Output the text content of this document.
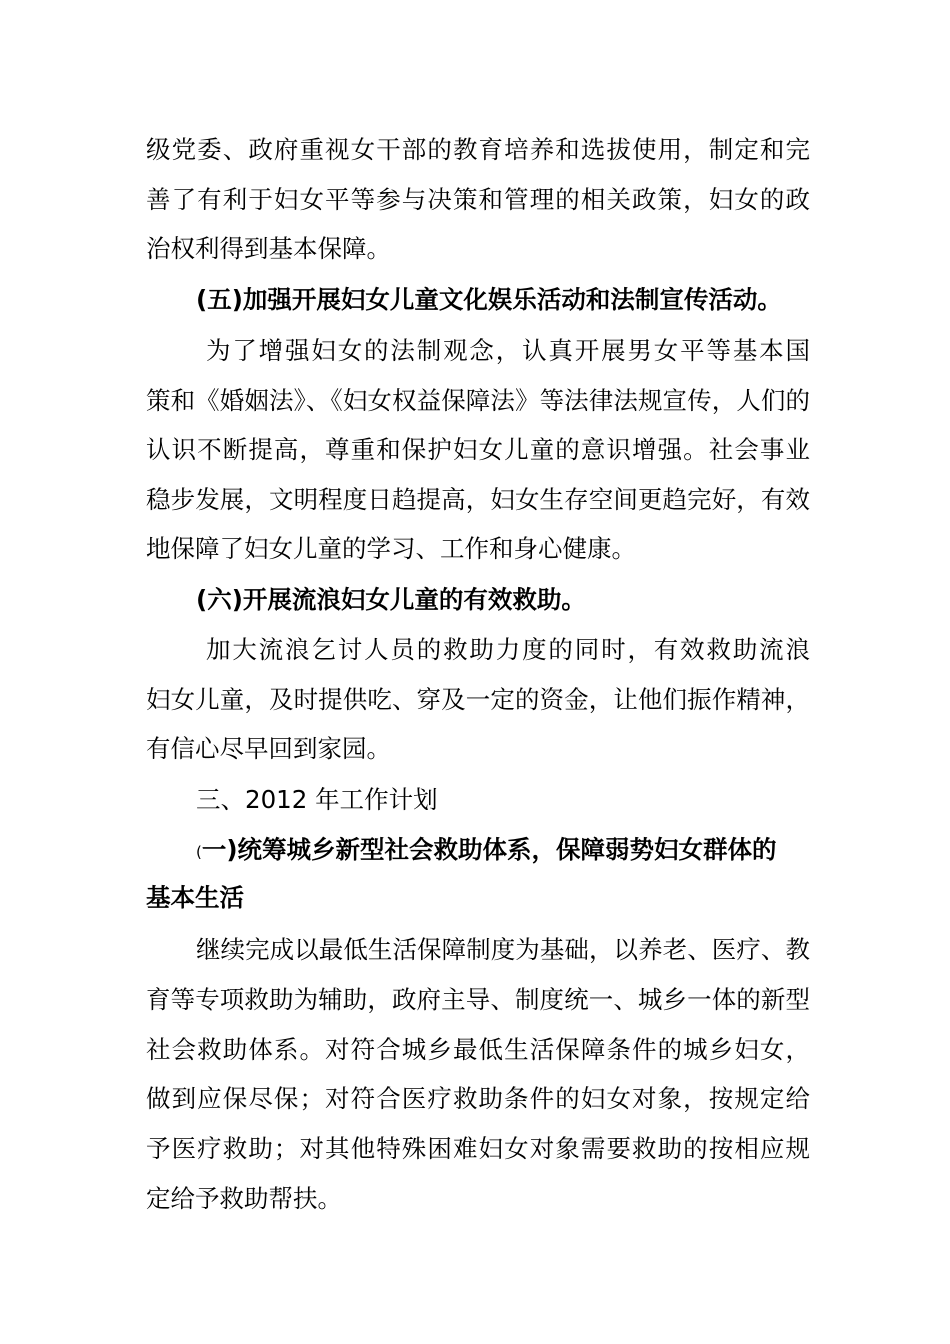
级党委、政府重视女干部的教育培养和选拔使用，制定和完
善了有利于妇女平等参与决策和管理的相关政策，妇女的政
治权利得到基本保障。
(五)加强开展妇女儿童文化娱乐活动和法制宣传活动。
为了增强妇女的法制观念，认真开展男女平等基本国
策和《婚姻法》、《妇女权益保障法》等法律法规宣传，人们的
认识不断提高，尊重和保护妇女儿童的意识增强。社会事业
稳步发展，文明程度日趋提高，妇女生存空间更趋完好，有效
地保障了妇女儿童的学习、工作和身心健康。
(六)开展流浪妇女儿童的有效救助。
加大流浪乞讨人员的救助力度的同时，有效救助流浪
妇女儿童，及时提供吃、穿及一定的资金，让他们振作精神，
有信心尽早回到家园。
三、2012 年工作计划
(一)统筹城乡新型社会救助体系，保障弱势妇女群体的
基本生活
继续完成以最低生活保障制度为基础，以养老、医疗、教
育等专项救助为辅助，政府主导、制度统一、城乡一体的新型
社会救助体系。对符合城乡最低生活保障条件的城乡妇女，
做到应保尽保；对符合医疗救助条件的妇女对象，按规定给
予医疗救助；对其他特殊困难妇女对象需要救助的按相应规
定给予救助帮扶。
